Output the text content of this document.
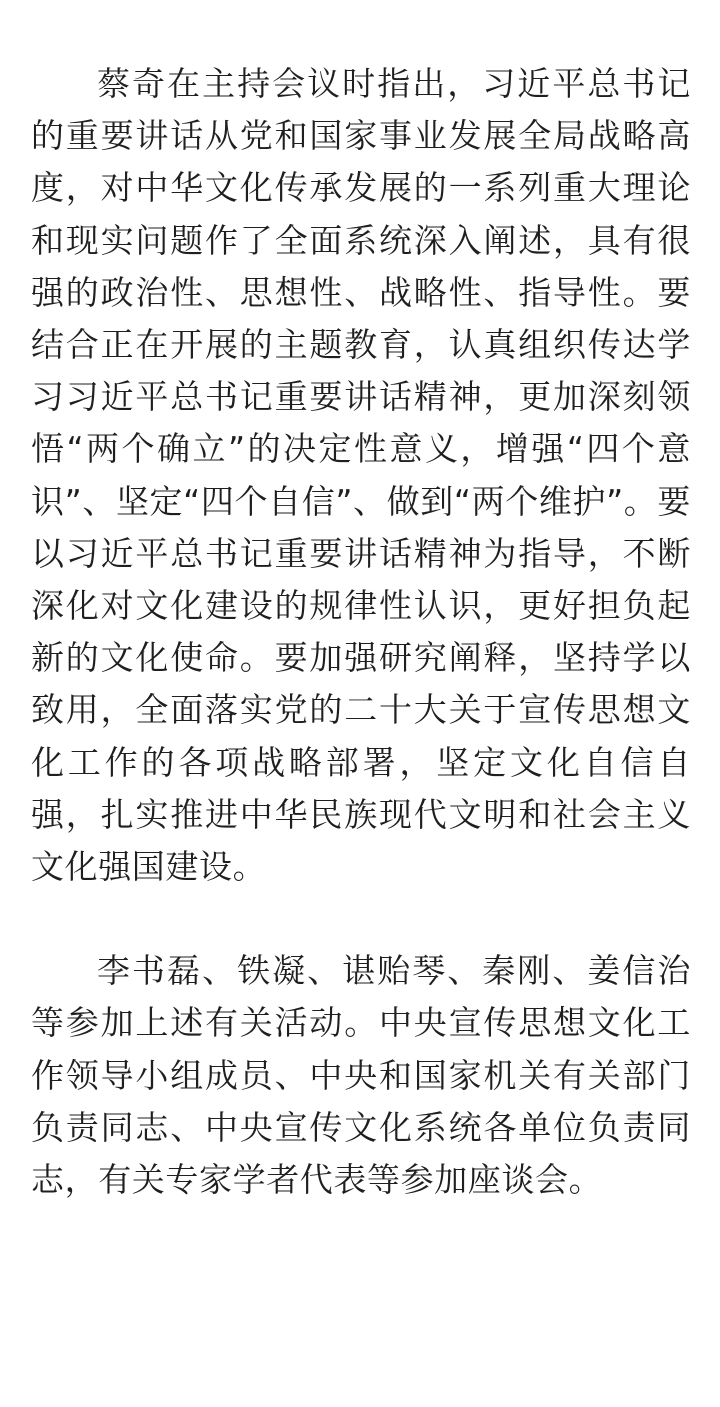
蔡奇在主持会议时指出，习近平总书记的重要讲话从党和国家事业发展全局战略高度，对中华文化传承发展的一系列重大理论和现实问题作了全面系统深入阐述，具有很强的政治性、思想性、战略性、指导性。要结合正在开展的主题教育，认真组织传达学习习近平总书记重要讲话精神，更加深刻领悟“两个确立”的决定性意义，增强“四个意识”、坚定“四个自信”、做到“两个维护”。要以习近平总书记重要讲话精神为指导，不断深化对文化建设的规律性认识，更好担负起新的文化使命。要加强研究阐释，坚持学以致用，全面落实党的二十大关于宣传思想文化工作的各项战略部署，坚定文化自信自强，扎实推进中华民族现代文明和社会主义文化强国建设。

李书磊、铁凝、谌贻琴、秦刚、姜信治等参加上述有关活动。中央宣传思想文化工作领导小组成员、中央和国家机关有关部门负责同志、中央宣传文化系统各单位负责同志，有关专家学者代表等参加座谈会。
